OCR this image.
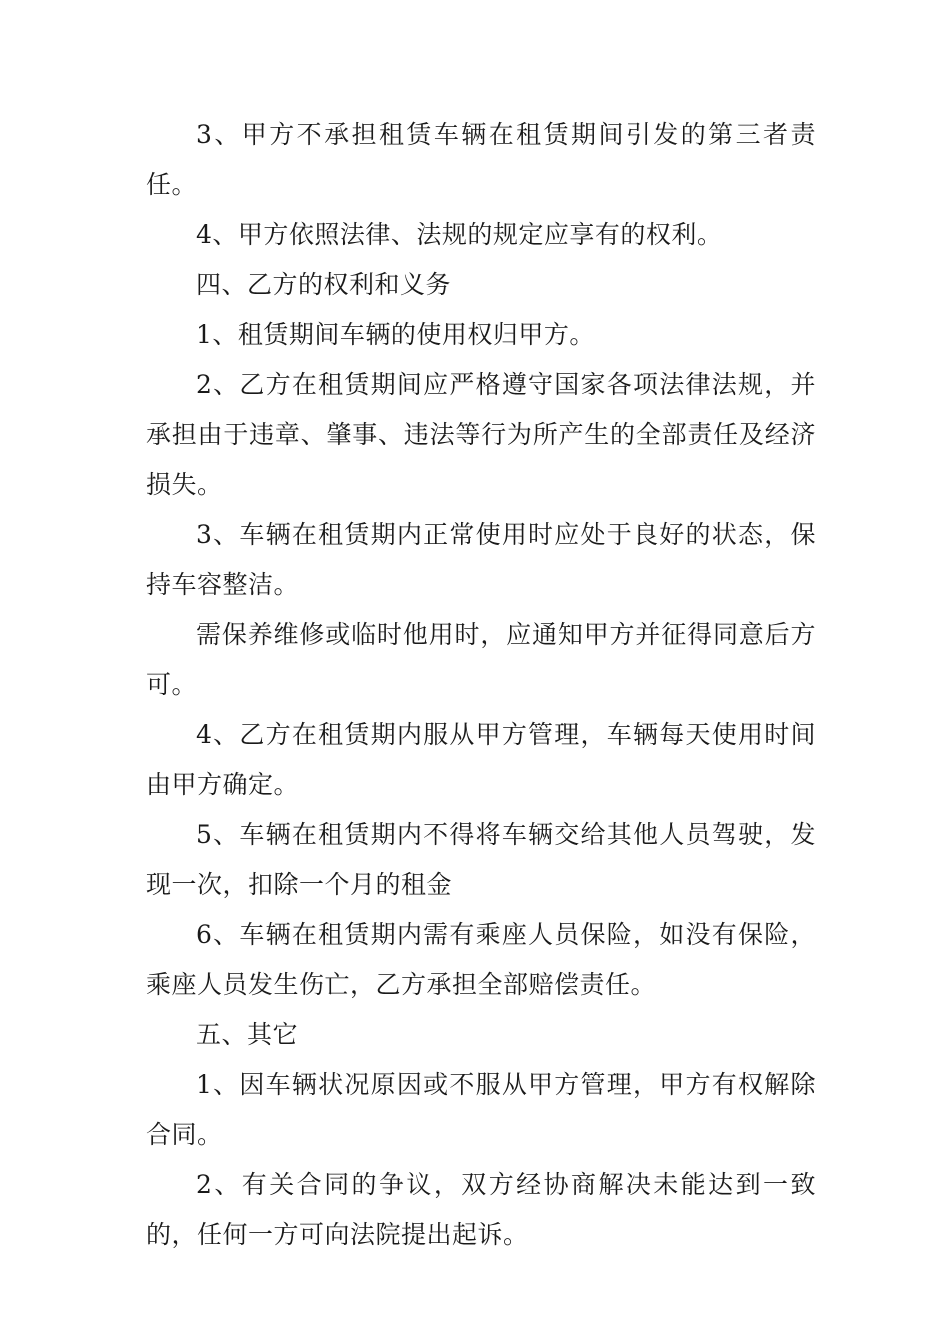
3、甲方不承担租赁车辆在租赁期间引发的第三者责任。

4、甲方依照法律、法规的规定应享有的权利。

四、乙方的权利和义务

1、租赁期间车辆的使用权归甲方。

2、乙方在租赁期间应严格遵守国家各项法律法规，并承担由于违章、肇事、违法等行为所产生的全部责任及经济损失。

3、车辆在租赁期内正常使用时应处于良好的状态，保持车容整洁。

需保养维修或临时他用时，应通知甲方并征得同意后方可。

4、乙方在租赁期内服从甲方管理，车辆每天使用时间由甲方确定。

5、车辆在租赁期内不得将车辆交给其他人员驾驶，发现一次，扣除一个月的租金

6、车辆在租赁期内需有乘座人员保险，如没有保险，乘座人员发生伤亡，乙方承担全部赔偿责任。

五、其它

1、因车辆状况原因或不服从甲方管理，甲方有权解除合同。

2、有关合同的争议，双方经协商解决未能达到一致的，任何一方可向法院提出起诉。
